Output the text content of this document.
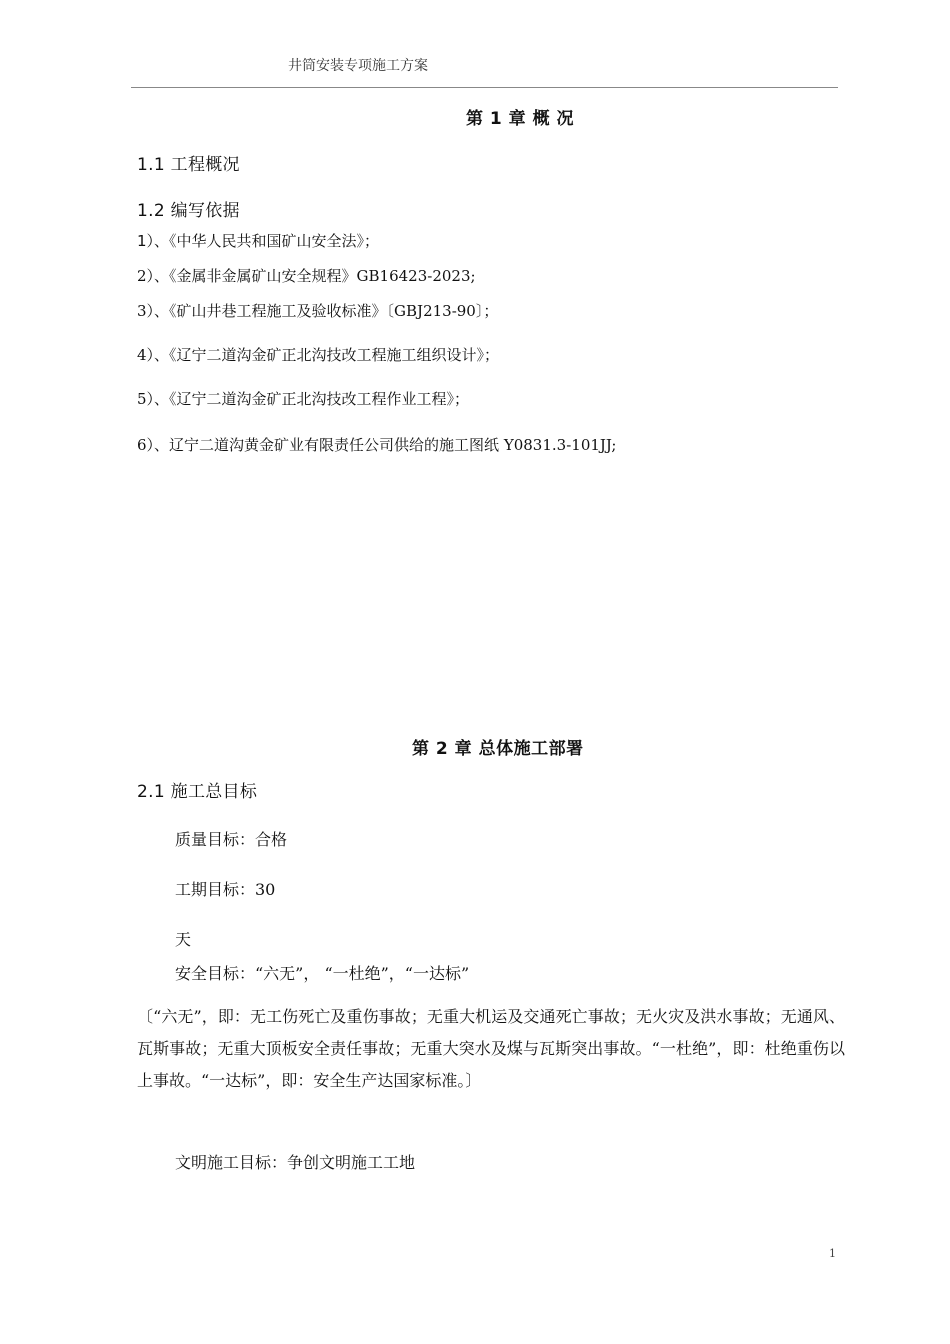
井筒安装专项施工方案
第 1 章 概 况
1.1 工程概况
1.2 编写依据
1）、《中华人民共和国矿山安全法》；
2）、《金属非金属矿山安全规程》GB16423-2023;
3）、《矿山井巷工程施工及验收标准》〔GBJ213-90〕；
4）、《辽宁二道沟金矿正北沟技改工程施工组织设计》；
5）、《辽宁二道沟金矿正北沟技改工程作业工程》；
6）、辽宁二道沟黄金矿业有限责任公司供给的施工图纸 Y0831.3-101JJ;
第 2 章 总体施工部署
2.1 施工总目标
质量目标：合格
工期目标：30
天
安全目标：“六无”， “一杜绝”，“一达标”
〔“六无”，即：无工伤死亡及重伤事故；无重大机运及交通死亡事故；无火灾及洪水事故；无通风、瓦斯事故；无重大顶板安全责任事故；无重大突水及煤与瓦斯突出事故。“一杜绝”，即：杜绝重伤以上事故。“一达标”，即：安全生产达国家标准。〕
文明施工目标：争创文明施工工地
1
